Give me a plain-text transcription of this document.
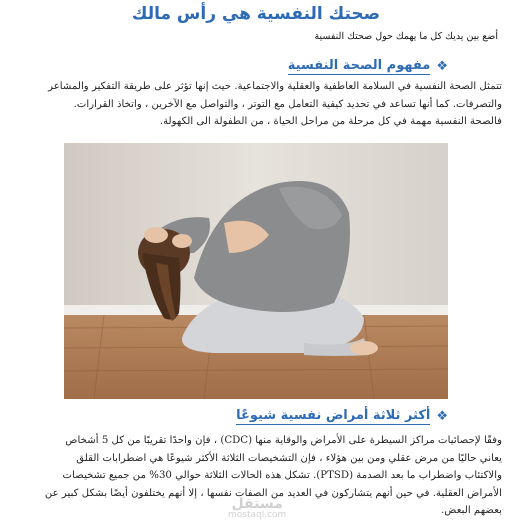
صحتك النفسية هي رأس مالك
أضع بين يديك كل ما يهمك حول صحتك النفسية
❖
مفهوم الصحة النفسية
تتمثل الصحة النفسية في السلامة العاطفية والعقلية والاجتماعية. حيث إنها تؤثر على طريقة التفكير والمشاعر
والتصرفات. كما أنها تساعد في تحديد كيفية التعامل مع التوتر ، والتواصل مع الآخرين ، واتخاذ القرارات.
فالصحة النفسية مهمة في كل مرحلة من مراحل الحياة ، من الطفولة الى الكهولة.
❖
أكثر ثلاثة أمراض نفسية شيوعًا
وفقًا لإحصائيات مراكز السيطرة على الأمراض والوقاية منها (CDC) ، فإن واحدًا تقريبًا من كل 5 أشخاص
يعاني حاليًا من مرض عقلي ومن بين هؤلاء ، فإن التشخيصات الثلاثة الأكثر شيوعًا هي اضطرابات القلق
والاكتئاب واضطراب ما بعد الصدمة (PTSD). تشكل هذه الحالات الثلاثة حوالي 30% من جميع تشخيصات
الأمراض العقلية. في حين أنهم يتشاركون في العديد من الصفات نفسها ، إلا أنهم يختلفون أيضًا بشكل كبير عن
بعضهم البعض.
مستقل
mostaql.com
